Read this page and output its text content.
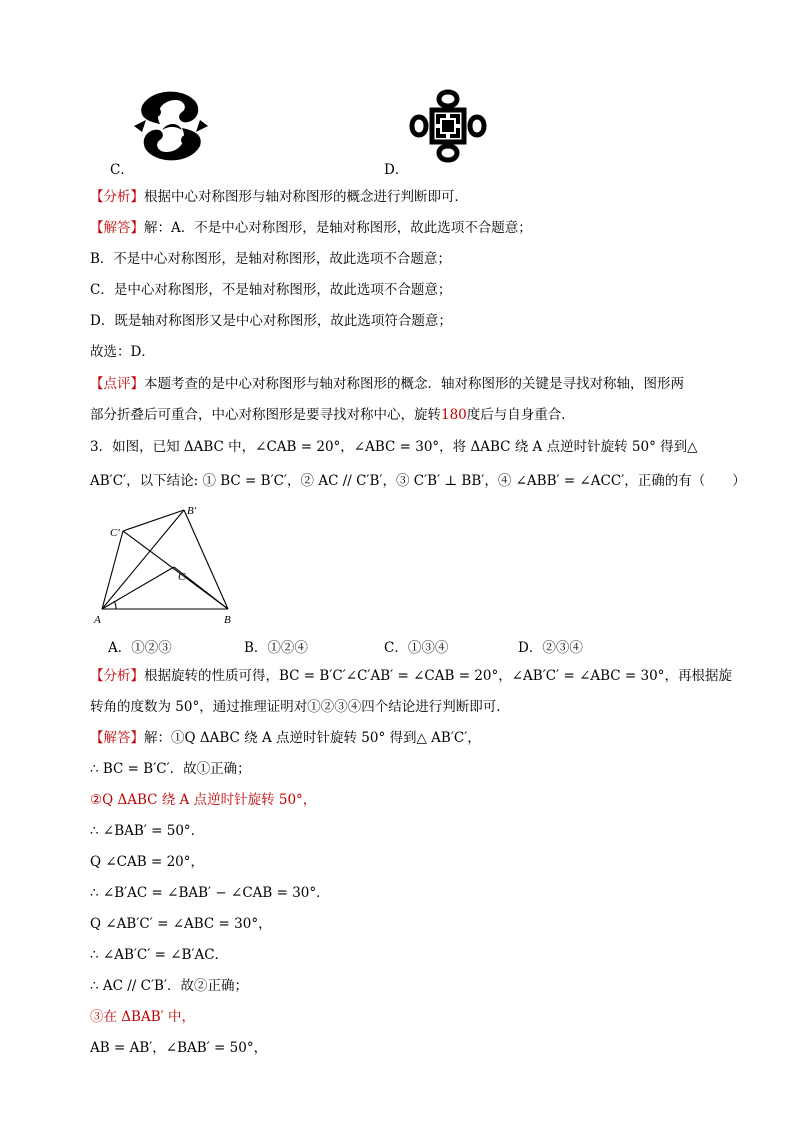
C．	D．
【分析】根据中心对称图形与轴对称图形的概念进行判断即可．
【解答】解：A．不是中心对称图形，是轴对称图形，故此选项不合题意；
B．不是中心对称图形，是轴对称图形，故此选项不合题意；
C．是中心对称图形，不是轴对称图形，故此选项不合题意；
D．既是轴对称图形又是中心对称图形，故此选项符合题意；
故选：D．
【点评】本题考查的是中心对称图形与轴对称图形的概念．轴对称图形的关键是寻找对称轴，图形两
部分折叠后可重合，中心对称图形是要寻找对称中心，旋转180度后与自身重合．
3．如图，已知 ΔABC 中，∠CAB = 20°，∠ABC = 30°，将 ΔABC 绕 A 点逆时针旋转 50° 得到△
AB′C′，以下结论: ① BC = B′C′，② AC // C′B′，③ C′B′ ⊥ BB′，④ ∠ABB′ = ∠ACC′，正确的有（　　）
B′
C′
C
A	B
A．①②③	B．①②④	C．①③④	D．②③④
【分析】根据旋转的性质可得，BC = B′C′∠C′AB′ = ∠CAB = 20°，∠AB′C′ = ∠ABC = 30°，再根据旋
转角的度数为 50°，通过推理证明对①②③④四个结论进行判断即可．
【解答】解：①Q ΔABC 绕 A 点逆时针旋转 50° 得到△ AB′C′，
∴ BC = B′C′．故①正确；
②Q ΔABC 绕 A 点逆时针旋转 50°，
∴ ∠BAB′ = 50°．
Q ∠CAB = 20°，
∴ ∠B′AC = ∠BAB′ − ∠CAB = 30°．
Q ∠AB′C′ = ∠ABC = 30°，
∴ ∠AB′C′ = ∠B′AC．
∴ AC // C′B′．故②正确；
③在 ΔBAB′ 中，
AB = AB′，∠BAB′ = 50°，
